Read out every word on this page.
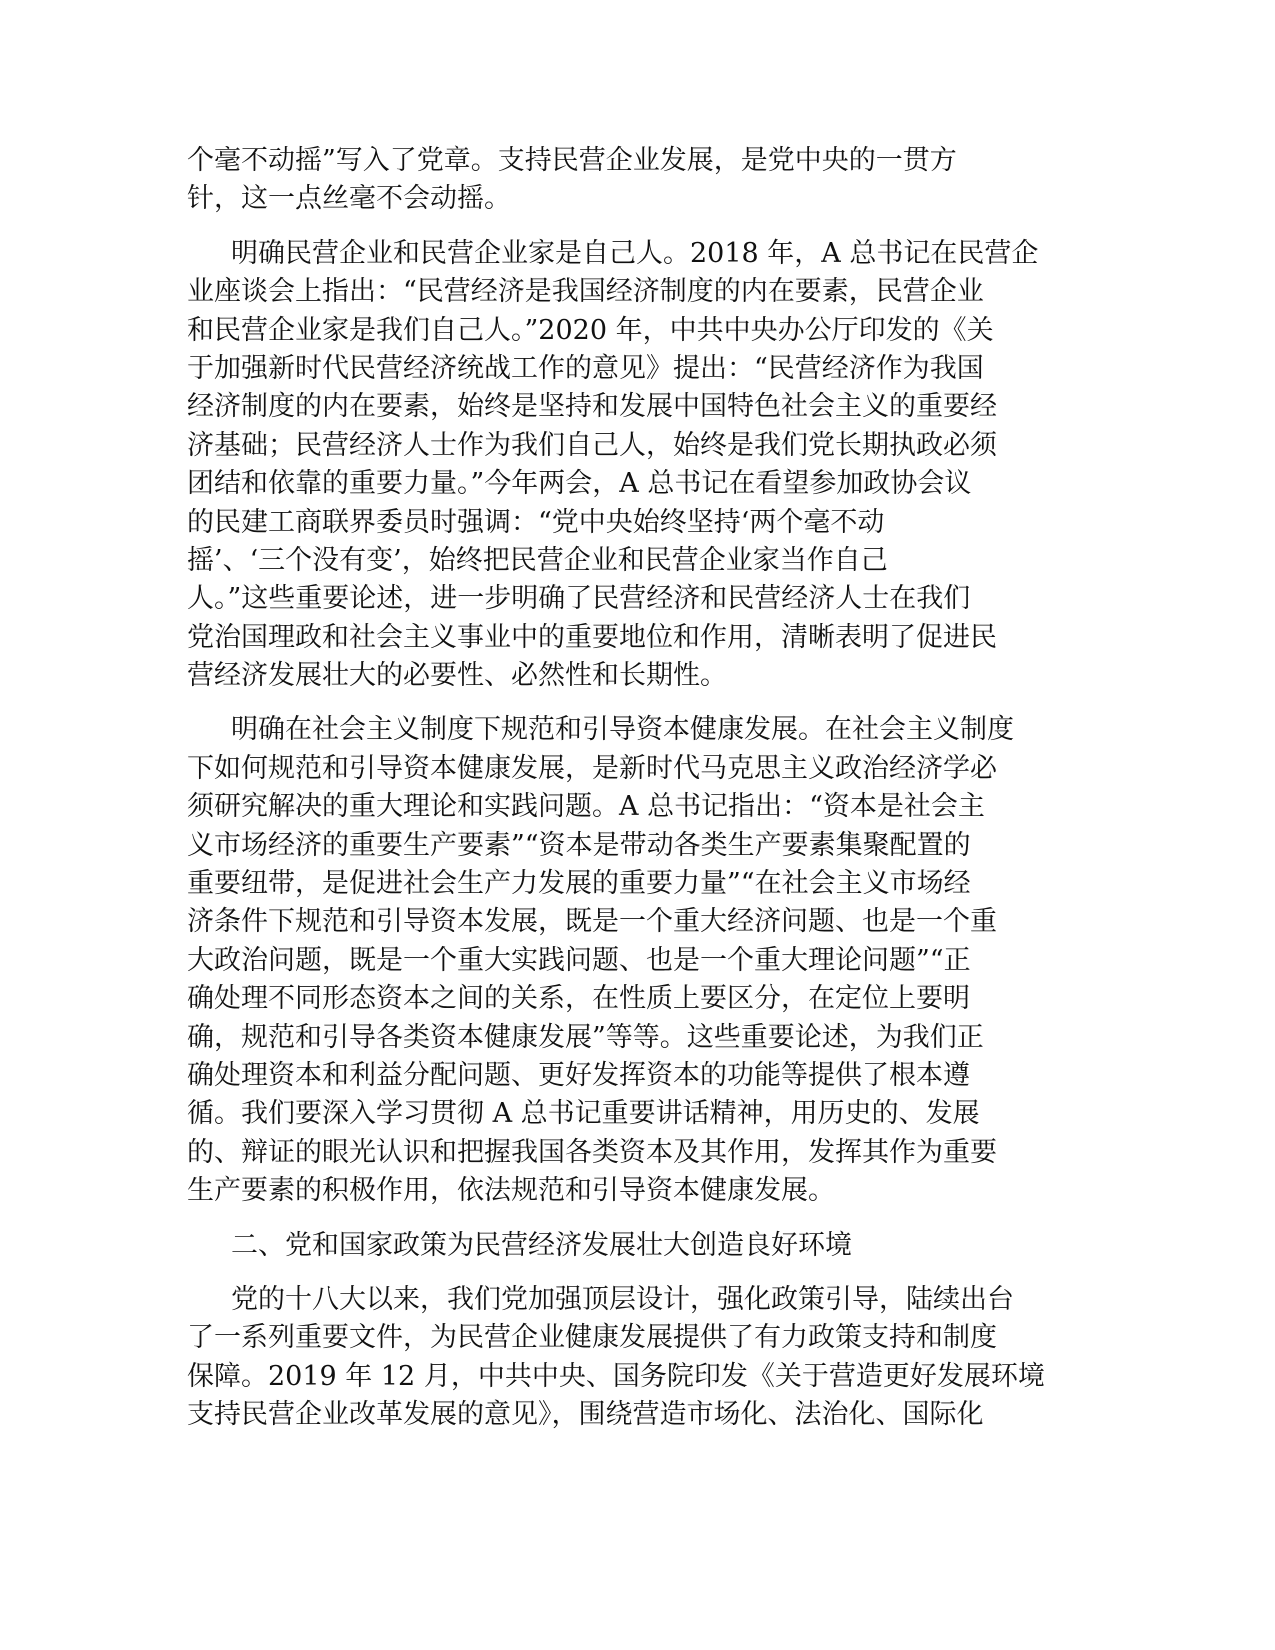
个毫不动摇”写入了党章。支持民营企业发展，是党中央的一贯方
针，这一点丝毫不会动摇。
明确民营企业和民营企业家是自己人。2018 年，A 总书记在民营企
业座谈会上指出：“民营经济是我国经济制度的内在要素，民营企业
和民营企业家是我们自己人。”2020 年，中共中央办公厅印发的《关
于加强新时代民营经济统战工作的意见》提出：“民营经济作为我国
经济制度的内在要素，始终是坚持和发展中国特色社会主义的重要经
济基础；民营经济人士作为我们自己人，始终是我们党长期执政必须
团结和依靠的重要力量。”今年两会，A 总书记在看望参加政协会议
的民建工商联界委员时强调：“党中央始终坚持‘两个毫不动
摇’、‘三个没有变’，始终把民营企业和民营企业家当作自己
人。”这些重要论述，进一步明确了民营经济和民营经济人士在我们
党治国理政和社会主义事业中的重要地位和作用，清晰表明了促进民
营经济发展壮大的必要性、必然性和长期性。
明确在社会主义制度下规范和引导资本健康发展。在社会主义制度
下如何规范和引导资本健康发展，是新时代马克思主义政治经济学必
须研究解决的重大理论和实践问题。A 总书记指出：“资本是社会主
义市场经济的重要生产要素”“资本是带动各类生产要素集聚配置的
重要纽带，是促进社会生产力发展的重要力量”“在社会主义市场经
济条件下规范和引导资本发展，既是一个重大经济问题、也是一个重
大政治问题，既是一个重大实践问题、也是一个重大理论问题”“正
确处理不同形态资本之间的关系，在性质上要区分，在定位上要明
确，规范和引导各类资本健康发展”等等。这些重要论述，为我们正
确处理资本和利益分配问题、更好发挥资本的功能等提供了根本遵
循。我们要深入学习贯彻 A 总书记重要讲话精神，用历史的、发展
的、辩证的眼光认识和把握我国各类资本及其作用，发挥其作为重要
生产要素的积极作用，依法规范和引导资本健康发展。
二、党和国家政策为民营经济发展壮大创造良好环境
党的十八大以来，我们党加强顶层设计，强化政策引导，陆续出台
了一系列重要文件，为民营企业健康发展提供了有力政策支持和制度
保障。2019 年 12 月，中共中央、国务院印发《关于营造更好发展环境
支持民营企业改革发展的意见》，围绕营造市场化、法治化、国际化
